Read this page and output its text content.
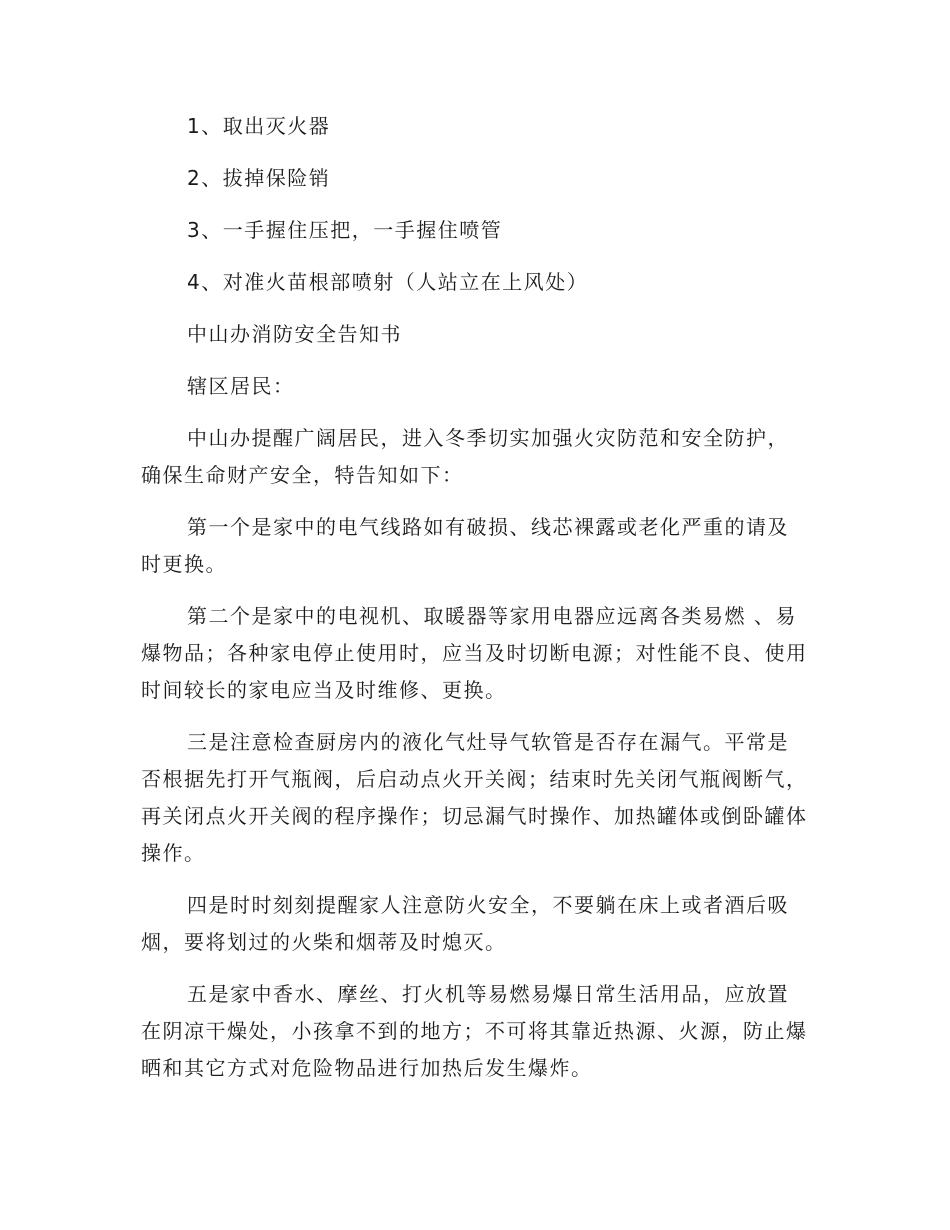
1、取出灭火器

2、拔掉保险销

3、一手握住压把，一手握住喷管

4、对准火苗根部喷射（人站立在上风处）

中山办消防安全告知书

辖区居民：

中山办提醒广阔居民，进入冬季切实加强火灾防范和安全防护，确保生命财产安全，特告知如下：

第一个是家中的电气线路如有破损、线芯裸露或老化严重的请及时更换。

第二个是家中的电视机、取暖器等家用电器应远离各类易燃 、易爆物品；各种家电停止使用时，应当及时切断电源；对性能不良、使用时间较长的家电应当及时维修、更换。

三是注意检查厨房内的液化气灶导气软管是否存在漏气。平常是否根据先打开气瓶阀，后启动点火开关阀；结束时先关闭气瓶阀断气，再关闭点火开关阀的程序操作；切忌漏气时操作、加热罐体或倒卧罐体操作。

四是时时刻刻提醒家人注意防火安全，不要躺在床上或者酒后吸烟，要将划过的火柴和烟蒂及时熄灭。

五是家中香水、摩丝、打火机等易燃易爆日常生活用品，应放置在阴凉干燥处，小孩拿不到的地方；不可将其靠近热源、火源，防止爆晒和其它方式对危险物品进行加热后发生爆炸。
